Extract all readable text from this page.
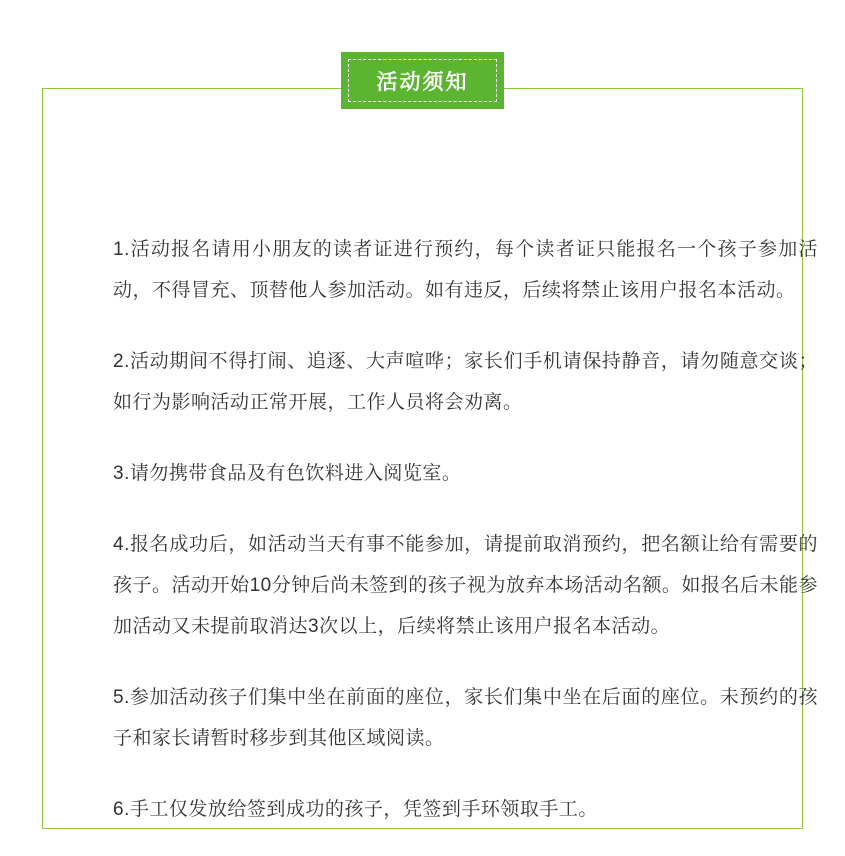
1.活动报名请用小朋友的读者证进行预约，每个读者证只能报名一个孩子参加活动，不得冒充、顶替他人参加活动。如有违反，后续将禁止该用户报名本活动。

2.活动期间不得打闹、追逐、大声喧哗；家长们手机请保持静音，请勿随意交谈；如行为影响活动正常开展，工作人员将会劝离。

3.请勿携带食品及有色饮料进入阅览室。

4.报名成功后，如活动当天有事不能参加，请提前取消预约，把名额让给有需要的孩子。活动开始10分钟后尚未签到的孩子视为放弃本场活动名额。如报名后未能参加活动又未提前取消达3次以上，后续将禁止该用户报名本活动。

5.参加活动孩子们集中坐在前面的座位，家长们集中坐在后面的座位。未预约的孩子和家长请暂时移步到其他区域阅读。

6.手工仅发放给签到成功的孩子，凭签到手环领取手工。

活动须知
